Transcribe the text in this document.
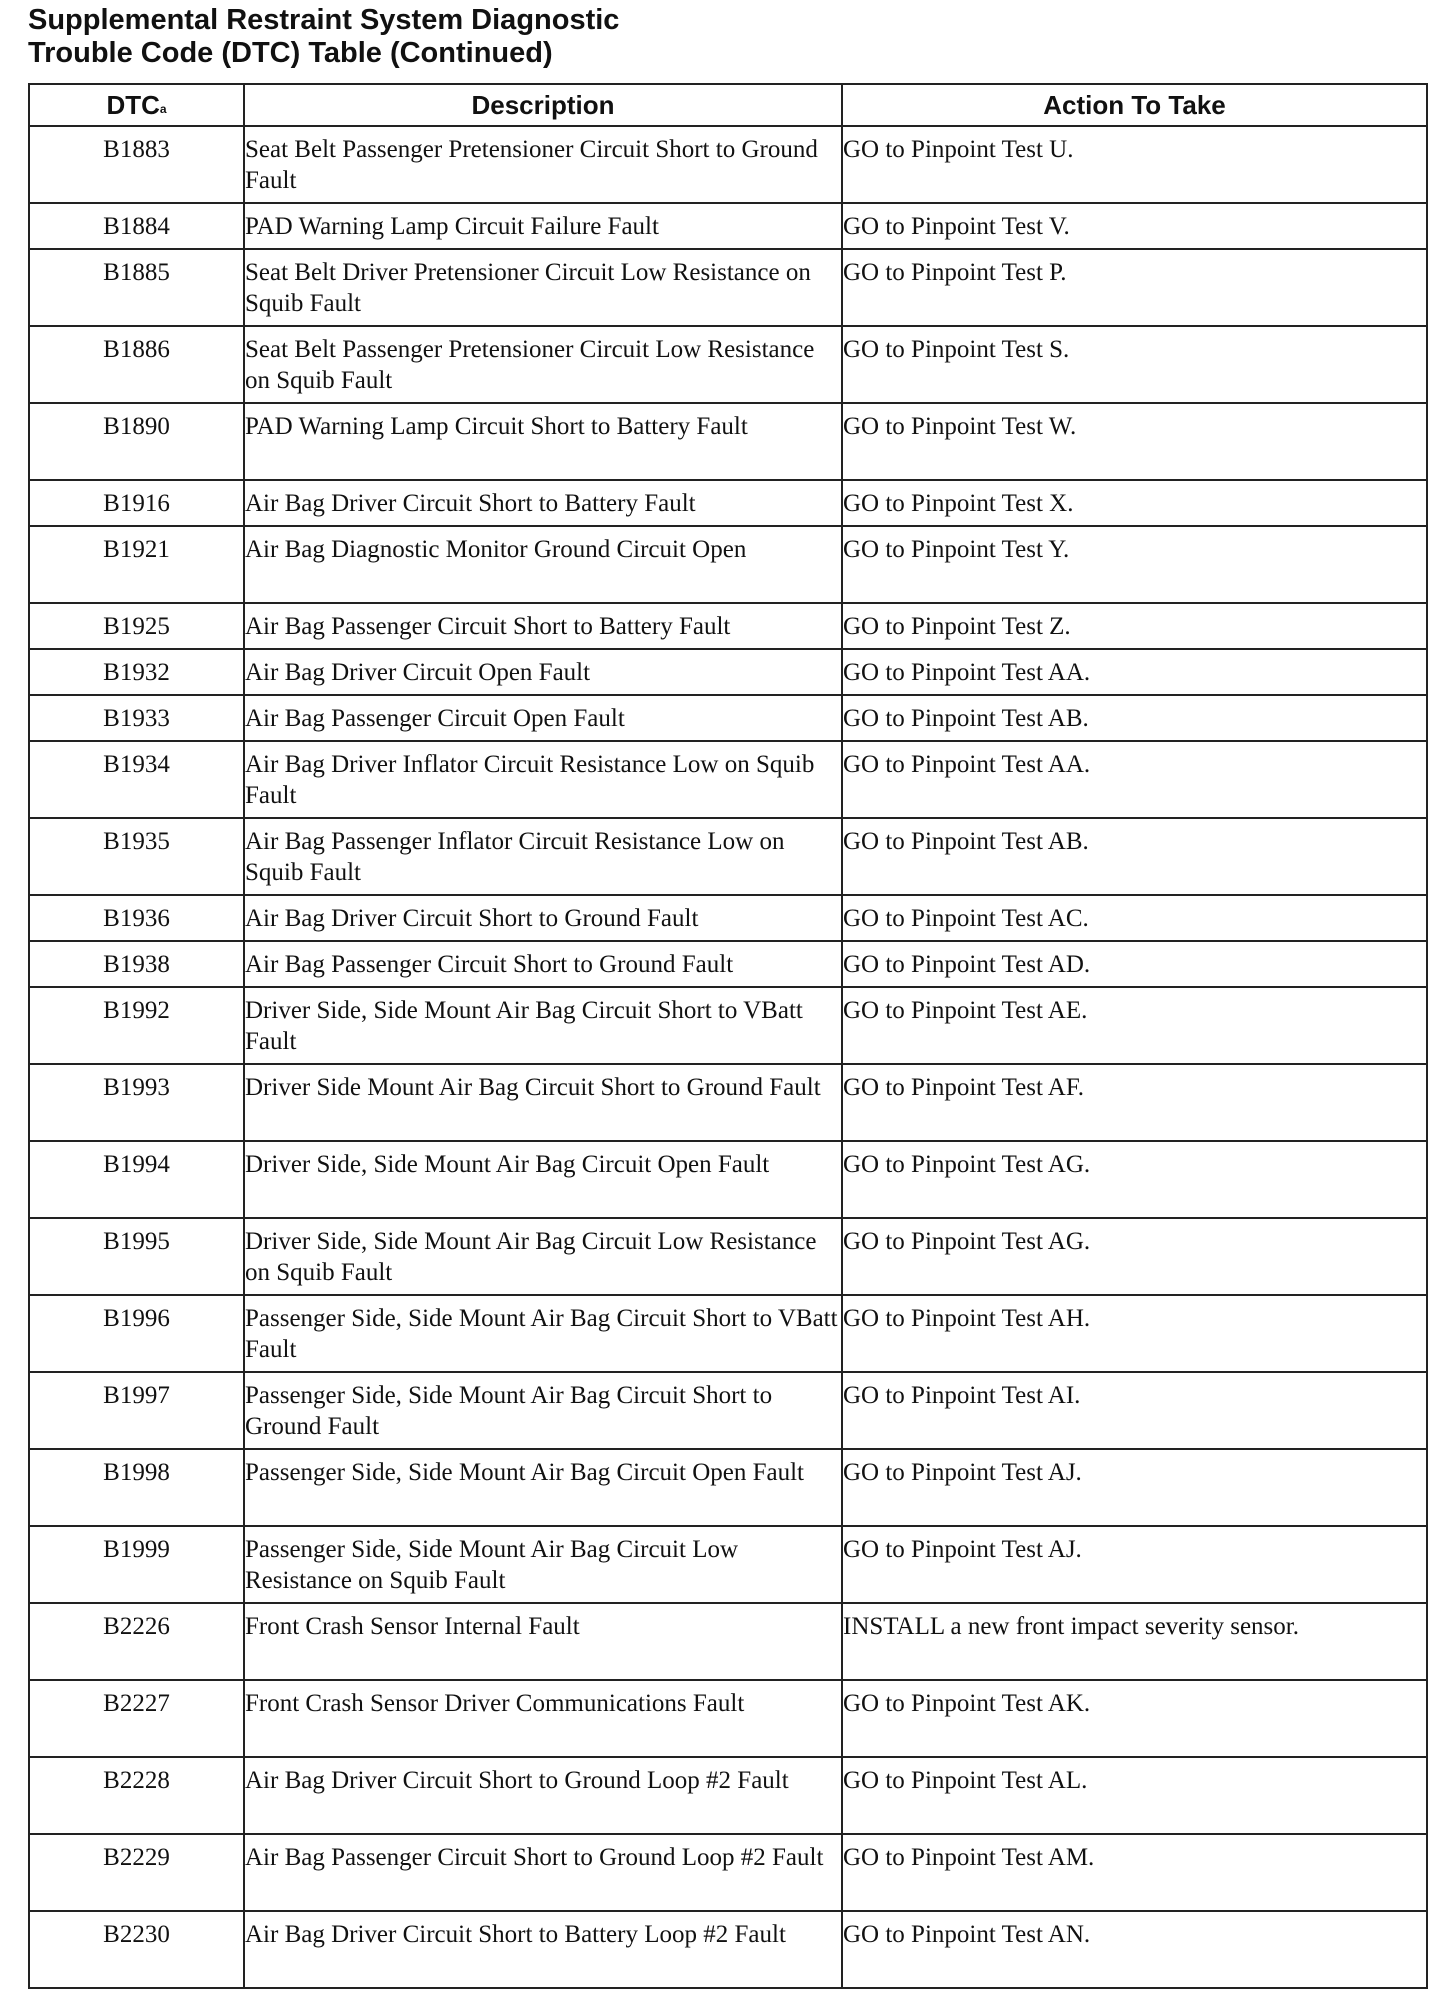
Supplemental Restraint System Diagnostic
Trouble Code (DTC) Table (Continued)
DTC$^a$	Description	Action To Take
B1883	Seat Belt Passenger Pretensioner Circuit Short to Ground Fault	GO to Pinpoint Test U.
B1884	PAD Warning Lamp Circuit Failure Fault	GO to Pinpoint Test V.
B1885	Seat Belt Driver Pretensioner Circuit Low Resistance on Squib Fault	GO to Pinpoint Test P.
B1886	Seat Belt Passenger Pretensioner Circuit Low Resistance on Squib Fault	GO to Pinpoint Test S.
B1890	PAD Warning Lamp Circuit Short to Battery Fault	GO to Pinpoint Test W.
B1916	Air Bag Driver Circuit Short to Battery Fault	GO to Pinpoint Test X.
B1921	Air Bag Diagnostic Monitor Ground Circuit Open	GO to Pinpoint Test Y.
B1925	Air Bag Passenger Circuit Short to Battery Fault	GO to Pinpoint Test Z.
B1932	Air Bag Driver Circuit Open Fault	GO to Pinpoint Test AA.
B1933	Air Bag Passenger Circuit Open Fault	GO to Pinpoint Test AB.
B1934	Air Bag Driver Inflator Circuit Resistance Low on Squib Fault	GO to Pinpoint Test AA.
B1935	Air Bag Passenger Inflator Circuit Resistance Low on Squib Fault	GO to Pinpoint Test AB.
B1936	Air Bag Driver Circuit Short to Ground Fault	GO to Pinpoint Test AC.
B1938	Air Bag Passenger Circuit Short to Ground Fault	GO to Pinpoint Test AD.
B1992	Driver Side, Side Mount Air Bag Circuit Short to VBatt Fault	GO to Pinpoint Test AE.
B1993	Driver Side Mount Air Bag Circuit Short to Ground Fault	GO to Pinpoint Test AF.
B1994	Driver Side, Side Mount Air Bag Circuit Open Fault	GO to Pinpoint Test AG.
B1995	Driver Side, Side Mount Air Bag Circuit Low Resistance on Squib Fault	GO to Pinpoint Test AG.
B1996	Passenger Side, Side Mount Air Bag Circuit Short to VBatt Fault	GO to Pinpoint Test AH.
B1997	Passenger Side, Side Mount Air Bag Circuit Short to Ground Fault	GO to Pinpoint Test AI.
B1998	Passenger Side, Side Mount Air Bag Circuit Open Fault	GO to Pinpoint Test AJ.
B1999	Passenger Side, Side Mount Air Bag Circuit Low Resistance on Squib Fault	GO to Pinpoint Test AJ.
B2226	Front Crash Sensor Internal Fault	INSTALL a new front impact severity sensor.
B2227	Front Crash Sensor Driver Communications Fault	GO to Pinpoint Test AK.
B2228	Air Bag Driver Circuit Short to Ground Loop #2 Fault	GO to Pinpoint Test AL.
B2229	Air Bag Passenger Circuit Short to Ground Loop #2 Fault	GO to Pinpoint Test AM.
B2230	Air Bag Driver Circuit Short to Battery Loop #2 Fault	GO to Pinpoint Test AN.
